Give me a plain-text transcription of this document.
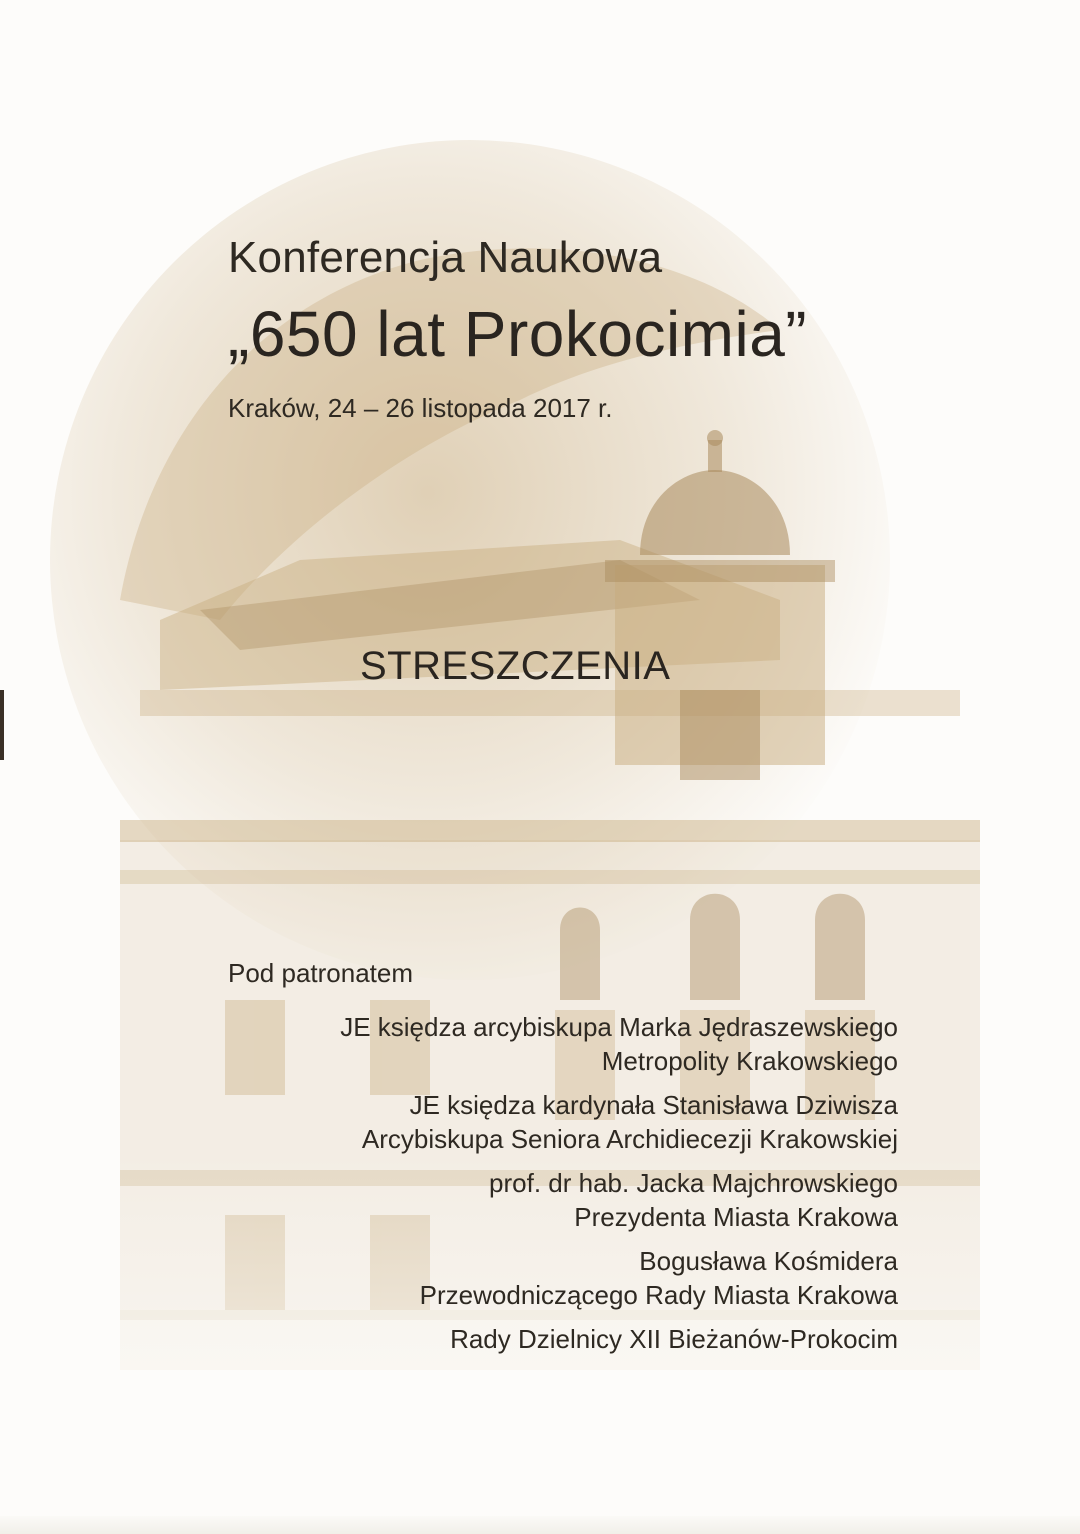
Konferencja Naukowa
„650 lat Prokocimia”
Kraków, 24 – 26 listopada 2017 r.
STRESZCZENIA
Pod patronatem
JE księdza arcybiskupa Marka Jędraszewskiego
Metropolity Krakowskiego
JE księdza kardynała Stanisława Dziwisza
Arcybiskupa Seniora Archidiecezji Krakowskiej
prof. dr hab. Jacka Majchrowskiego
Prezydenta Miasta Krakowa
Bogusława Kośmidera
Przewodniczącego Rady Miasta Krakowa
Rady Dzielnicy XII Bieżanów-Prokocim
